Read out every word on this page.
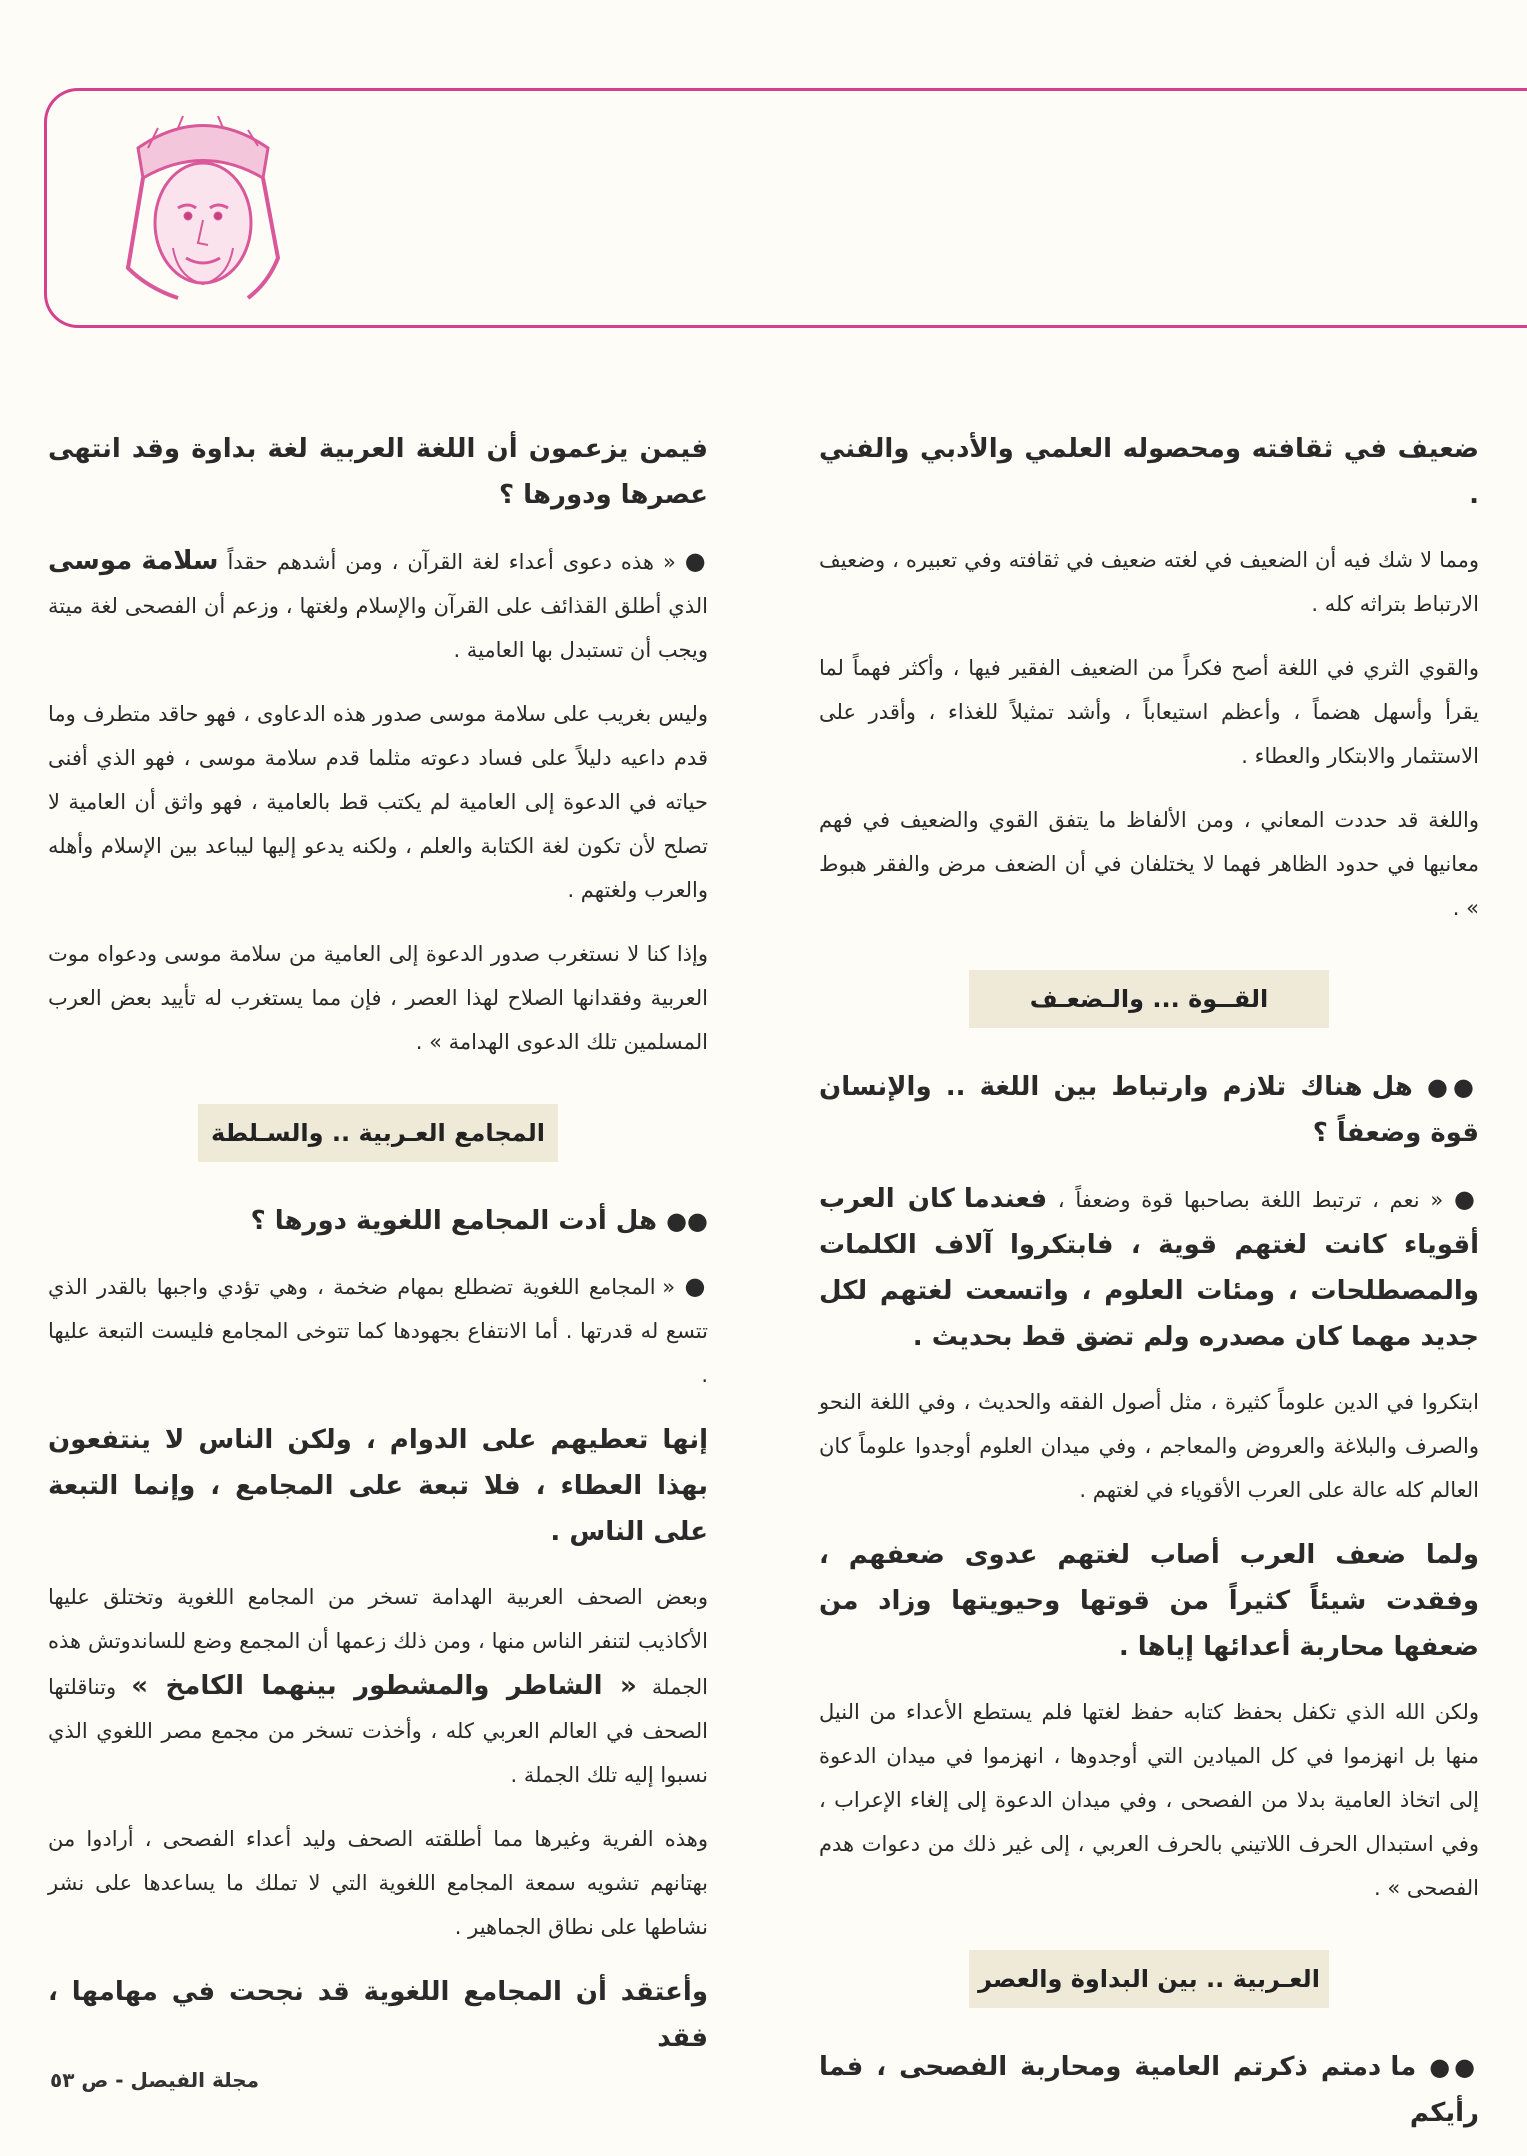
ضعيف في ثقافته ومحصوله العلمي والأدبي والفني .

ومما لا شك فيه أن الضعيف في لغته ضعيف في ثقافته وفي تعبيره ، وضعيف الارتباط بتراثه كله .

والقوي الثري في اللغة أصح فكراً من الضعيف الفقير فيها ، وأكثر فهماً لما يقرأ وأسهل هضماً ، وأعظم استيعاباً ، وأشد تمثيلاً للغذاء ، وأقدر على الاستثمار والابتكار والعطاء .

واللغة قد حددت المعاني ، ومن الألفاظ ما يتفق القوي والضعيف في فهم معانيها في حدود الظاهر فهما لا يختلفان في أن الضعف مرض والفقر هبوط » .

القــوة ... والـضعـف

●● هل هناك تلازم وارتباط بين اللغة .. والإنسان قوة وضعفاً ؟

● « نعم ، ترتبط اللغة بصاحبها قوة وضعفاً ، فعندما كان العرب أقوياء كانت لغتهم قوية ، فابتكروا آلاف الكلمات والمصطلحات ، ومئات العلوم ، واتسعت لغتهم لكل جديد مهما كان مصدره ولم تضق قط بحديث .

ابتكروا في الدين علوماً كثيرة ، مثل أصول الفقه والحديث ، وفي اللغة النحو والصرف والبلاغة والعروض والمعاجم ، وفي ميدان العلوم أوجدوا علوماً كان العالم كله عالة على العرب الأقوياء في لغتهم .

ولما ضعف العرب أصاب لغتهم عدوى ضعفهم ، وفقدت شيئاً كثيراً من قوتها وحيويتها وزاد من ضعفها محاربة أعدائها إياها .

ولكن الله الذي تكفل بحفظ كتابه حفظ لغتها فلم يستطع الأعداء من النيل منها بل انهزموا في كل الميادين التي أوجدوها ، انهزموا في ميدان الدعوة إلى اتخاذ العامية بدلا من الفصحى ، وفي ميدان الدعوة إلى إلغاء الإعراب ، وفي استبدال الحرف اللاتيني بالحرف العربي ، إلى غير ذلك من دعوات هدم الفصحى » .

العـربية .. بين البداوة والعصر

●● ما دمتم ذكرتم العامية ومحاربة الفصحى ، فما رأيكم

فيمن يزعمون أن اللغة العربية لغة بداوة وقد انتهى عصرها ودورها ؟

● « هذه دعوى أعداء لغة القرآن ، ومن أشدهم حقداً سلامة موسى الذي أطلق القذائف على القرآن والإسلام ولغتها ، وزعم أن الفصحى لغة ميتة ويجب أن تستبدل بها العامية .

وليس بغريب على سلامة موسى صدور هذه الدعاوى ، فهو حاقد متطرف وما قدم داعيه دليلاً على فساد دعوته مثلما قدم سلامة موسى ، فهو الذي أفنى حياته في الدعوة إلى العامية لم يكتب قط بالعامية ، فهو واثق أن العامية لا تصلح لأن تكون لغة الكتابة والعلم ، ولكنه يدعو إليها ليباعد بين الإسلام وأهله والعرب ولغتهم .

وإذا كنا لا نستغرب صدور الدعوة إلى العامية من سلامة موسى ودعواه موت العربية وفقدانها الصلاح لهذا العصر ، فإن مما يستغرب له تأييد بعض العرب المسلمين تلك الدعوى الهدامة » .

المجامع العـربية .. والسـلطة

●● هل أدت المجامع اللغوية دورها ؟

● « المجامع اللغوية تضطلع بمهام ضخمة ، وهي تؤدي واجبها بالقدر الذي تتسع له قدرتها . أما الانتفاع بجهودها كما تتوخى المجامع فليست التبعة عليها .

إنها تعطيهم على الدوام ، ولكن الناس لا ينتفعون بهذا العطاء ، فلا تبعة على المجامع ، وإنما التبعة على الناس .

وبعض الصحف العربية الهدامة تسخر من المجامع اللغوية وتختلق عليها الأكاذيب لتنفر الناس منها ، ومن ذلك زعمها أن المجمع وضع للساندوتش هذه الجملة « الشاطر والمشطور بينهما الكامخ » وتناقلتها الصحف في العالم العربي كله ، وأخذت تسخر من مجمع مصر اللغوي الذي نسبوا إليه تلك الجملة .

وهذه الفرية وغيرها مما أطلقته الصحف وليد أعداء الفصحى ، أرادوا من بهتانهم تشويه سمعة المجامع اللغوية التي لا تملك ما يساعدها على نشر نشاطها على نطاق الجماهير .

وأعتقد أن المجامع اللغوية قد نجحت في مهامها ، فقد

مجلة الفيصل - ص ٥٣
